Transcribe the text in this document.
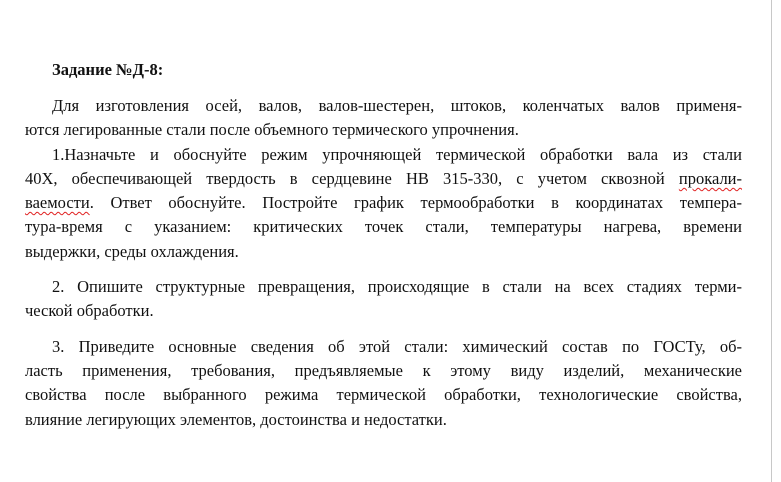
Задание №Д-8:
Для изготовления осей, валов, валов-шестерен, штоков, коленчатых валов применя-
ются легированные стали после объемного термического упрочнения.
1.Назначьте и обоснуйте режим упрочняющей термической обработки вала из стали
40Х, обеспечивающей твердость в сердцевине НВ 315-330, с учетом сквозной прокали-
ваемости. Ответ обоснуйте. Постройте график термообработки в координатах темпера-
тура-время с указанием: критических точек стали, температуры нагрева, времени
выдержки, среды охлаждения.
2. Опишите структурные превращения, происходящие в стали на всех стадиях терми-
ческой обработки.
3. Приведите основные сведения об этой стали: химический состав по ГОСТу, об-
ласть применения, требования, предъявляемые к этому виду изделий, механические
свойства после выбранного режима термической обработки, технологические свойства,
влияние легирующих элементов, достоинства и недостатки.
